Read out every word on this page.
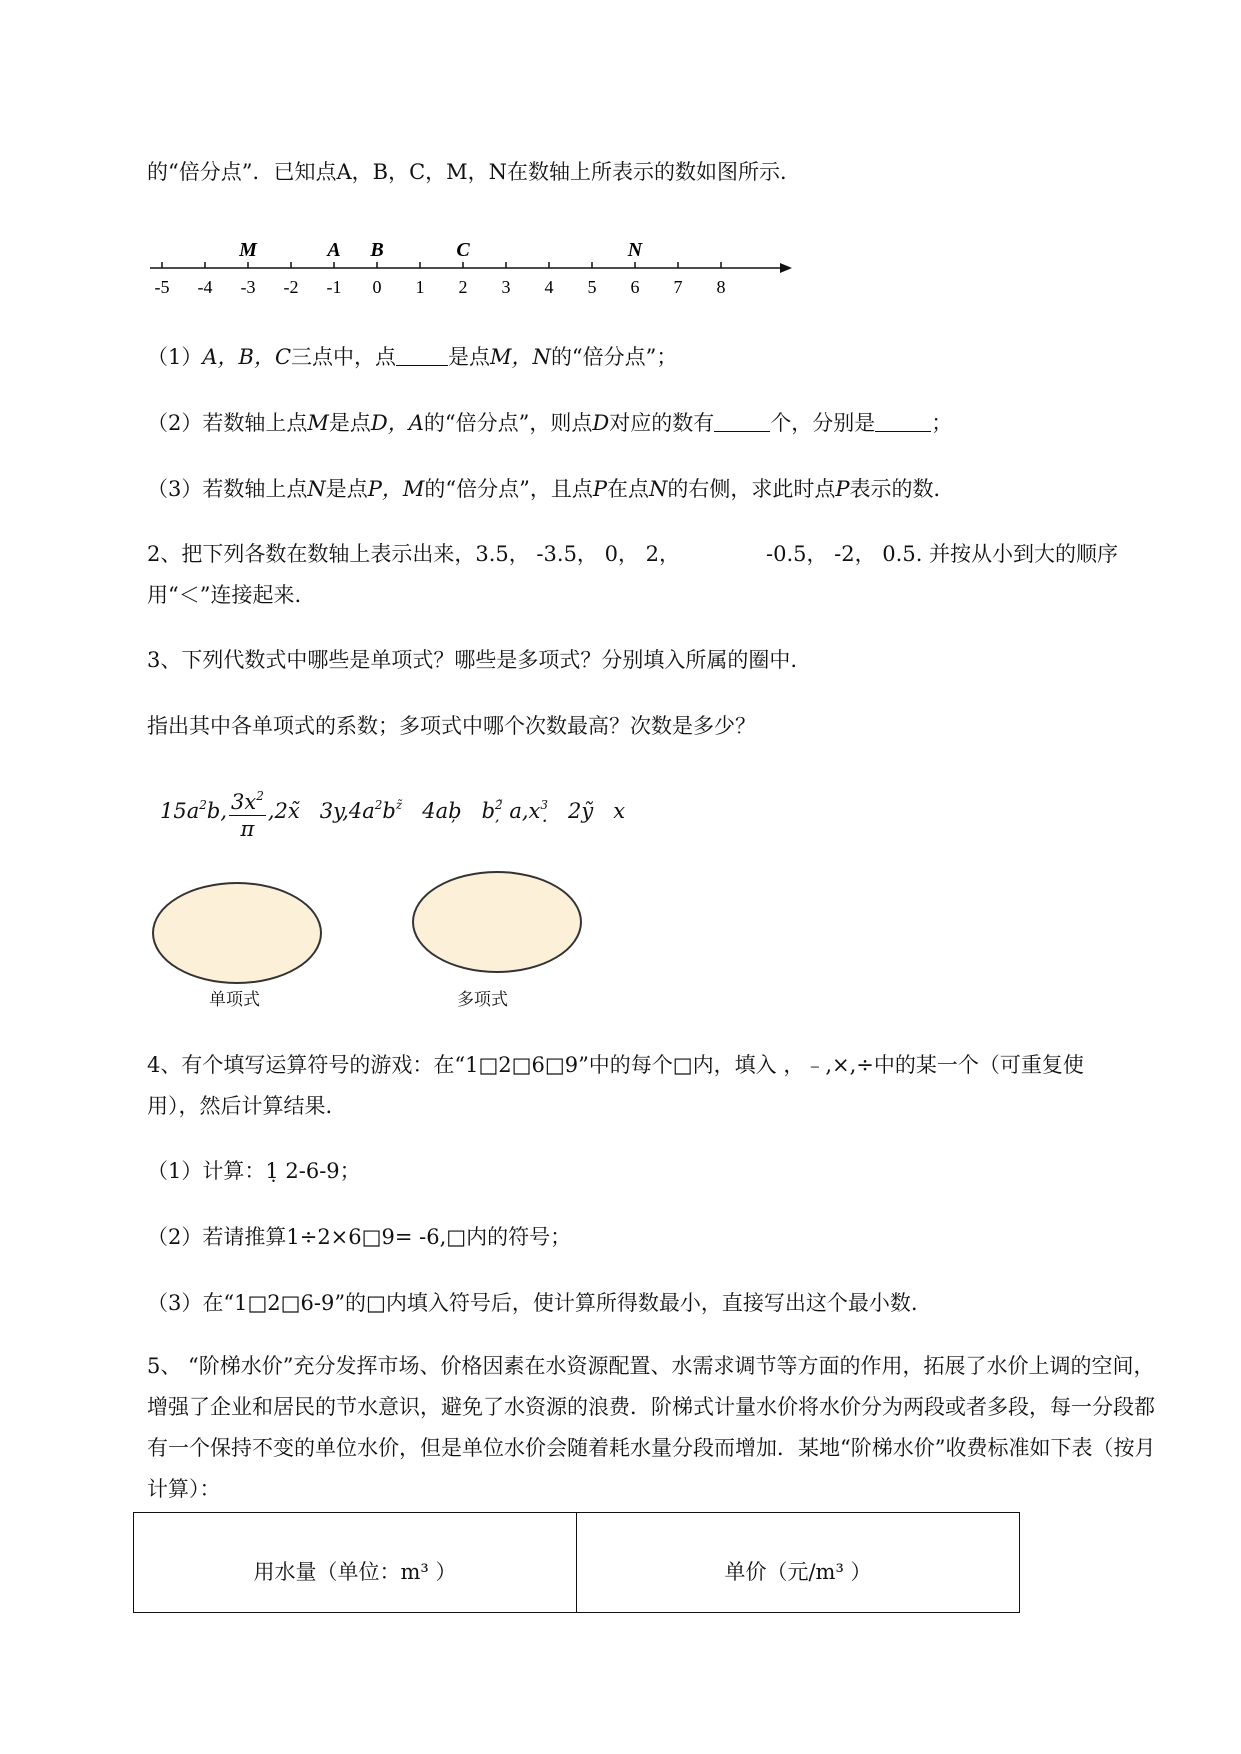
的“倍分点”．已知点A，B，C，M，N在数轴上所表示的数如图所示．
-5 -4 -3 -2 -1 0 1 2 3 4 5 6 7 8
M	A B	C	N
（1）A，B，C三点中，点 是点M，N的“倍分点”；
（2）若数轴上点M是点D，A的“倍分点”，则点D对应的数有	个，分别是	；
（3）若数轴上点N是点P，M的“倍分点”，且点P在点N的右侧，求此时点P表示的数．
2、把下列各数在数轴上表示出来，3.5， -3.5， 0， 2，	-0.5， -2， 0.5. 并按从小到大的顺序
用“＜”连接起来.
3、下列代数式中哪些是单项式？哪些是多项式？分别填入所属的圈中.
指出其中各单项式的系数；多项式中哪个次数最高？次数是多少？
$15a^2b$, $\frac{3x^2}{\pi}$ ,2x̃   $3y,4a^2b^{z̃}$   4ab̦   $b^{2̃}̦$ $a,x^3̣$   2ỹ   x
单项式	多项式
4、有个填写运算符号的游戏：在“1□2□6□9”中的每个□内，填入 ，﹣,×,÷中的某一个（可重复使
用），然后计算结果.
（1）计算：1̣ 2-6-9；
（2）若请推算1÷2×6□9= -6,□内的符号；
（3）在“1□2□6-9”的□内填入符号后，使计算所得数最小，直接写出这个最小数.
5、 “阶梯水价”充分发挥市场、价格因素在水资源配置、水需求调节等方面的作用，拓展了水价上调的空间，增强了企业和居民的节水意识，避免了水资源的浪费．阶梯式计量水价将水价分为两段或者多段，每一分段都有一个保持不变的单位水价，但是单位水价会随着耗水量分段而增加．某地“阶梯水价”收费标准如下表（按月计算）：
用水量（单位：m³ ）	单价（元/m³ ）
